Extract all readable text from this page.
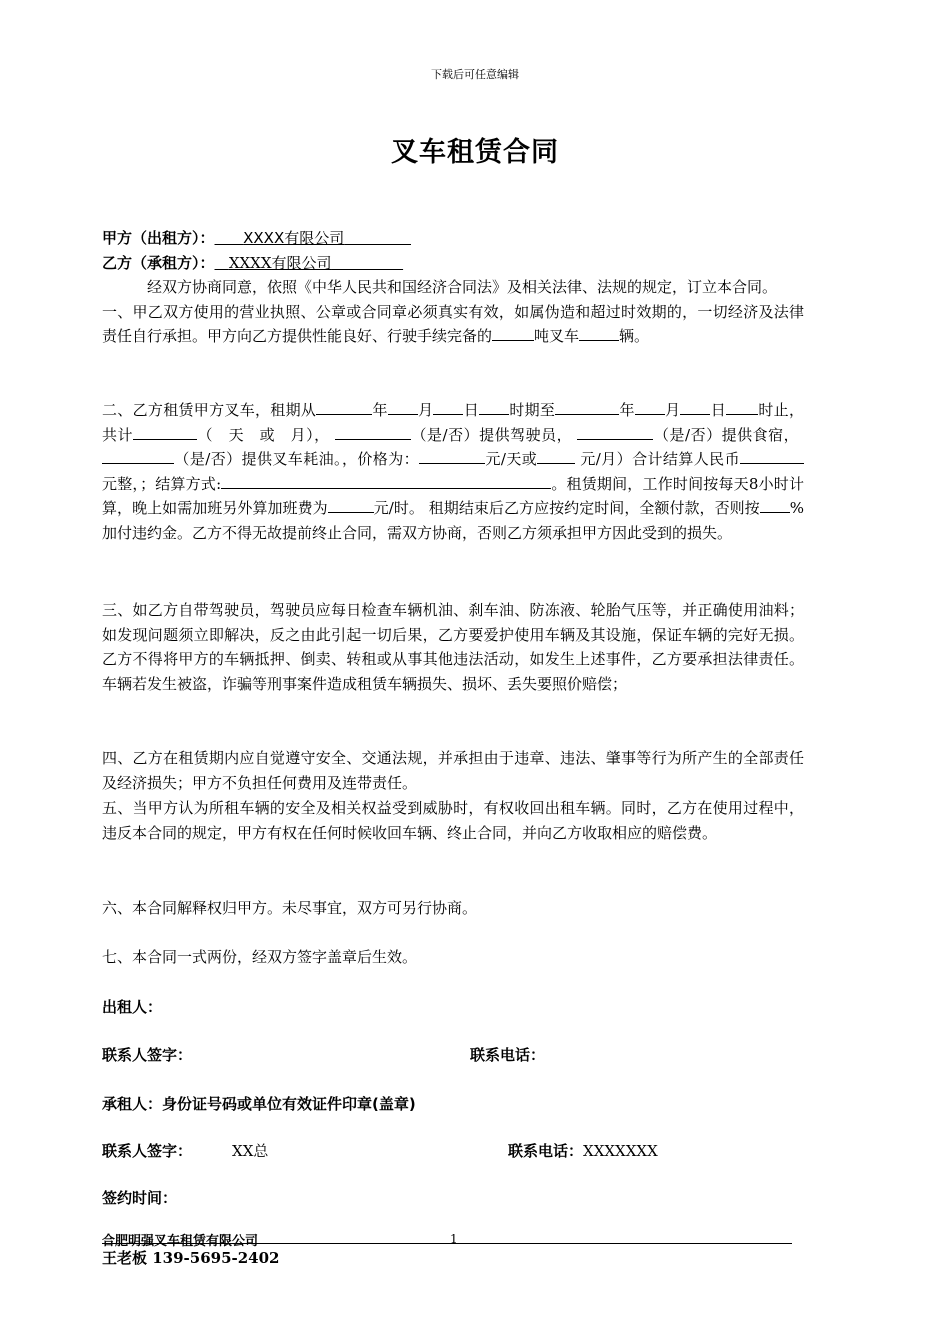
下载后可任意编辑
叉车租赁合同
甲方（出租方）： XXXX有限公司
乙方（承租方）： XXXX有限公司
经双方协商同意，依照《中华人民共和国经济合同法》及相关法律、法规的规定，订立本合同。
一、甲乙双方使用的营业执照、公章或合同章必须真实有效，如属伪造和超过时效期的，一切经济及法律责任自行承担。甲方向乙方提供性能良好、行驶手续完备的	吨叉车	辆。
二、乙方租赁甲方叉车，租期从	年 月 日 时期至	年 月 日 时止，共计	（　天　或　月），	（是/否）提供驾驶员，	（是/否）提供食宿， （是/否）提供叉车耗油。，价格为：	元/天或	元/月）合计结算人民币元整，；结算方式:	。租赁期间，工作时间按每天8小时计算，晚上如需加班另外算加班费为	元/时。 租期结束后乙方应按约定时间，全额付款，否则按 %加付违约金。乙方不得无故提前终止合同，需双方协商，否则乙方须承担甲方因此受到的损失。
三、如乙方自带驾驶员，驾驶员应每日检查车辆机油、刹车油、防冻液、轮胎气压等，并正确使用油料；如发现问题须立即解决，反之由此引起一切后果，乙方要爱护使用车辆及其设施，保证车辆的完好无损。乙方不得将甲方的车辆抵押、倒卖、转租或从事其他违法活动，如发生上述事件，乙方要承担法律责任。车辆若发生被盗，诈骗等刑事案件造成租赁车辆损失、损坏、丢失要照价赔偿；
四、乙方在租赁期内应自觉遵守安全、交通法规，并承担由于违章、违法、肇事等行为所产生的全部责任及经济损失；甲方不负担任何费用及连带责任。
五、当甲方认为所租车辆的安全及相关权益受到威胁时，有权收回出租车辆。同时，乙方在使用过程中，违反本合同的规定，甲方有权在任何时候收回车辆、终止合同，并向乙方收取相应的赔偿费。
六、本合同解释权归甲方。未尽事宜，双方可另行协商。
七、本合同一式两份，经双方签字盖章后生效。
出租人：
联系人签字：	联系电话：
承租人：身份证号码或单位有效证件印章(盖章)
联系人签字：	XX总	联系电话：XXXXXXX
签约时间：
合肥明强叉车租赁有限公司	1
王老板 139-5695-2402
